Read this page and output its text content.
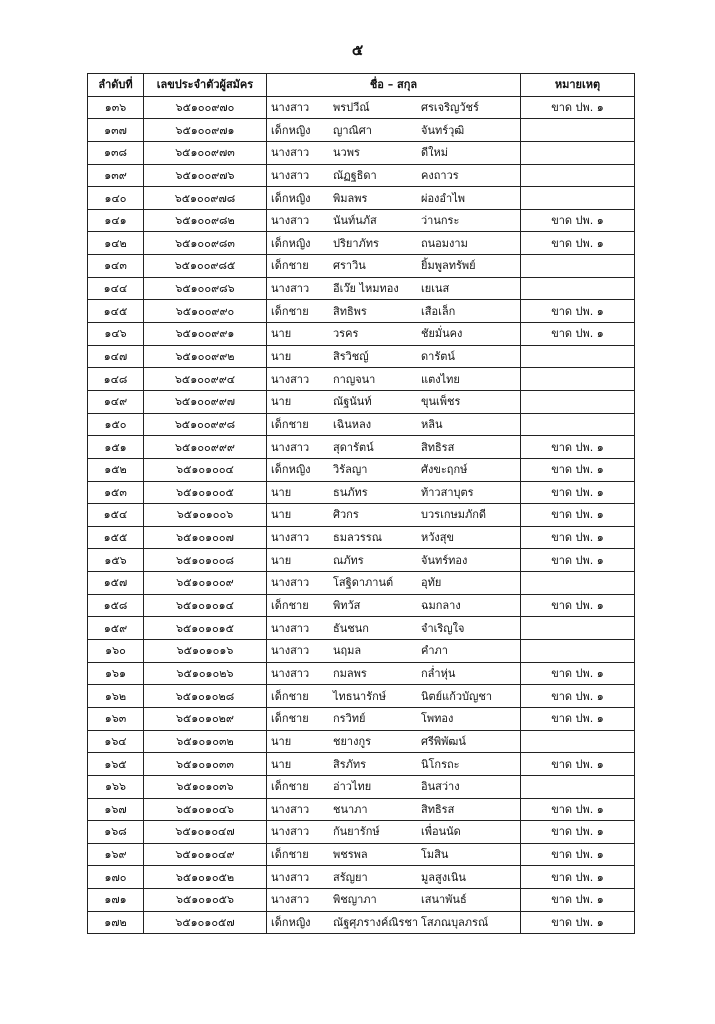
๕
ลำดับที่	เลขประจำตัวผู้สมัคร	ชื่อ – สกุล	หมายเหตุ
๑๓๖	๖๕๑๐๐๙๗๐	นางสาว พรปวีณ์ ศรเจริญวัชร์	ขาด ปพ. ๑
๑๓๗	๖๕๑๐๐๙๗๑	เด็กหญิง ญาณิศา จันทร์วุฒิ	
๑๓๘	๖๕๑๐๐๙๗๓	นางสาว นวพร ดีใหม่	
๑๓๙	๖๕๑๐๐๙๗๖	นางสาว ณัฏฐธิดา คงถาวร	
๑๔๐	๖๕๑๐๐๙๗๘	เด็กหญิง พิมลพร ผ่องอำไพ	
๑๔๑	๖๕๑๐๐๙๘๒	นางสาว นันท์นภัส ว่านกระ	ขาด ปพ. ๑
๑๔๒	๖๕๑๐๐๙๘๓	เด็กหญิง ปริยาภัทร ถนอมงาม	ขาด ปพ. ๑
๑๔๓	๖๕๑๐๐๙๘๕	เด็กชาย ศราวิน ยิ้มพูลทรัพย์	
๑๔๔	๖๕๑๐๐๙๘๖	นางสาว อีเว๊ย ไหมทอง เยเนส	
๑๔๕	๖๕๑๐๐๙๙๐	เด็กชาย สิทธิพร เสือเล็ก	ขาด ปพ. ๑
๑๔๖	๖๕๑๐๐๙๙๑	นาย วรคร ชัยมั่นคง	ขาด ปพ. ๑
๑๔๗	๖๕๑๐๐๙๙๒	นาย สิรวิชญ์ ดารัตน์	
๑๔๘	๖๕๑๐๐๙๙๔	นางสาว กาญจนา แตงไทย	
๑๔๙	๖๕๑๐๐๙๙๗	นาย ณัฐนันท์ ขุนเพ็ชร	
๑๕๐	๖๕๑๐๐๙๙๘	เด็กชาย เฉินหลง หลิน	
๑๕๑	๖๕๑๐๐๙๙๙	นางสาว สุดารัตน์ สิทธิรส	ขาด ปพ. ๑
๑๕๒	๖๕๑๐๑๐๐๔	เด็กหญิง วิรัลญา ศังขะฤกษ์	ขาด ปพ. ๑
๑๕๓	๖๕๑๐๑๐๐๕	นาย ธนภัทร ท้าวสาบุตร	ขาด ปพ. ๑
๑๕๔	๖๕๑๐๑๐๐๖	นาย ศิวกร บวรเกษมภักดี	ขาด ปพ. ๑
๑๕๕	๖๕๑๐๑๐๐๗	นางสาว ธมลวรรณ หวังสุข	ขาด ปพ. ๑
๑๕๖	๖๕๑๐๑๐๐๘	นาย ณภัทร จันทร์ทอง	ขาด ปพ. ๑
๑๕๗	๖๕๑๐๑๐๐๙	นางสาว โสฐิดาภานต์ อุทัย	
๑๕๘	๖๕๑๐๑๐๑๔	เด็กชาย พิทวัส ฉมกลาง	ขาด ปพ. ๑
๑๕๙	๖๕๑๐๑๐๑๕	นางสาว ธันชนก จำเริญใจ	
๑๖๐	๖๕๑๐๑๐๑๖	นางสาว นฤมล คำภา	
๑๖๑	๖๕๑๐๑๐๒๖	นางสาว กมลพร กล่ำหุ่น	ขาด ปพ. ๑
๑๖๒	๖๕๑๐๑๐๒๘	เด็กชาย ไทธนารักษ์ นิตย์แก้วบัญชา	ขาด ปพ. ๑
๑๖๓	๖๕๑๐๑๐๒๙	เด็กชาย กรวิทย์ โพทอง	ขาด ปพ. ๑
๑๖๔	๖๕๑๐๑๐๓๒	นาย ชยางกูร ศรีพิพัฒน์	
๑๖๕	๖๕๑๐๑๐๓๓	นาย สิรภัทร นิโกรถะ	ขาด ปพ. ๑
๑๖๖	๖๕๑๐๑๐๓๖	เด็กชาย อ่าวไทย อินสว่าง	
๑๖๗	๖๕๑๐๑๐๔๖	นางสาว ชนาภา สิทธิรส	ขาด ปพ. ๑
๑๖๘	๖๕๑๐๑๐๔๗	นางสาว กันยารักษ์ เพื่อนนัด	ขาด ปพ. ๑
๑๖๙	๖๕๑๐๑๐๔๙	เด็กชาย พชรพล โมสิน	ขาด ปพ. ๑
๑๗๐	๖๕๑๐๑๐๕๒	นางสาว สรัญยา มูลสูงเนิน	ขาด ปพ. ๑
๑๗๑	๖๕๑๐๑๐๕๖	นางสาว พิชญาภา เสนาพันธ์	ขาด ปพ. ๑
๑๗๒	๖๕๑๐๑๐๕๗	เด็กหญิง ณัฐศุภรางค์ณิรชา โสภณบุลภรณ์	ขาด ปพ. ๑
